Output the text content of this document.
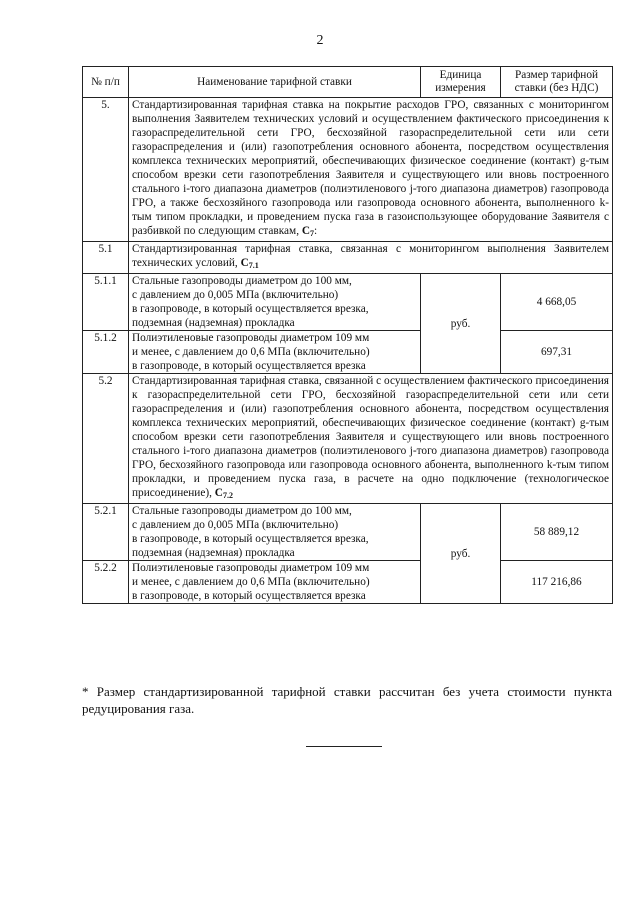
2
№ п/п	Наименование тарифной ставки	Единица измерения	Размер тарифной ставки (без НДС)
5.	Стандартизированная тарифная ставка на покрытие расходов ГРО, связанных с мониторингом выполнения Заявителем технических условий и осуществлением фактического присоединения к газораспределительной сети ГРО, бесхозяйной газораспределительной сети или сети газораспределения и (или) газопотребления основного абонента, посредством осуществления комплекса технических мероприятий, обеспечивающих физическое соединение (контакт) g-тым способом врезки сети газопотребления Заявителя и существующего или вновь построенного стального i-того диапазона диаметров (полиэтиленового j-того диапазона диаметров) газопровода ГРО, а также бесхозяйного газопровода или газопровода основного абонента, выполненного k-тым типом прокладки, и проведением пуска газа в газоиспользующее оборудование Заявителя с разбивкой по следующим ставкам, $C_7$:		
5.1	Стандартизированная тарифная ставка, связанная с мониторингом выполнения Заявителем технических условий, $C_{7.1}$
5.1.1	Стальные газопроводы диаметром до 100 мм,
с давлением до 0,005 МПа (включительно)
в газопроводе, в который осуществляется врезка,
подземная (надземная) прокладка	руб.	4 668,05
5.1.2	Полиэтиленовые газопроводы диаметром 109 мм
и менее, с давлением до 0,6 МПа (включительно)
в газопроводе, в который осуществляется врезка		697,31
5.2	Стандартизированная тарифная ставка, связанной с осуществлением фактического присоединения к газораспределительной сети ГРО, бесхозяйной газораспределительной сети или сети газораспределения и (или) газопотребления основного абонента, посредством осуществления комплекса технических мероприятий, обеспечивающих физическое соединение (контакт) g-тым способом врезки сети газопотребления Заявителя и существующего или вновь построенного стального i-того диапазона диаметров (полиэтиленового j-того диапазона диаметров) газопровода ГРО, бесхозяйного газопровода или газопровода основного абонента, выполненного k-тым типом прокладки, и проведением пуска газа, в расчете на одно подключение (технологическое присоединение), $C_{7.2}$
5.2.1	Стальные газопроводы диаметром до 100 мм,
с давлением до 0,005 МПа (включительно)
в газопроводе, в который осуществляется врезка,
подземная (надземная) прокладка	руб.	58 889,12
5.2.2	Полиэтиленовые газопроводы диаметром 109 мм
и менее, с давлением до 0,6 МПа (включительно)
в газопроводе, в который осуществляется врезка		117 216,86
* Размер стандартизированной тарифной ставки рассчитан без учета стоимости пункта редуцирования газа.
